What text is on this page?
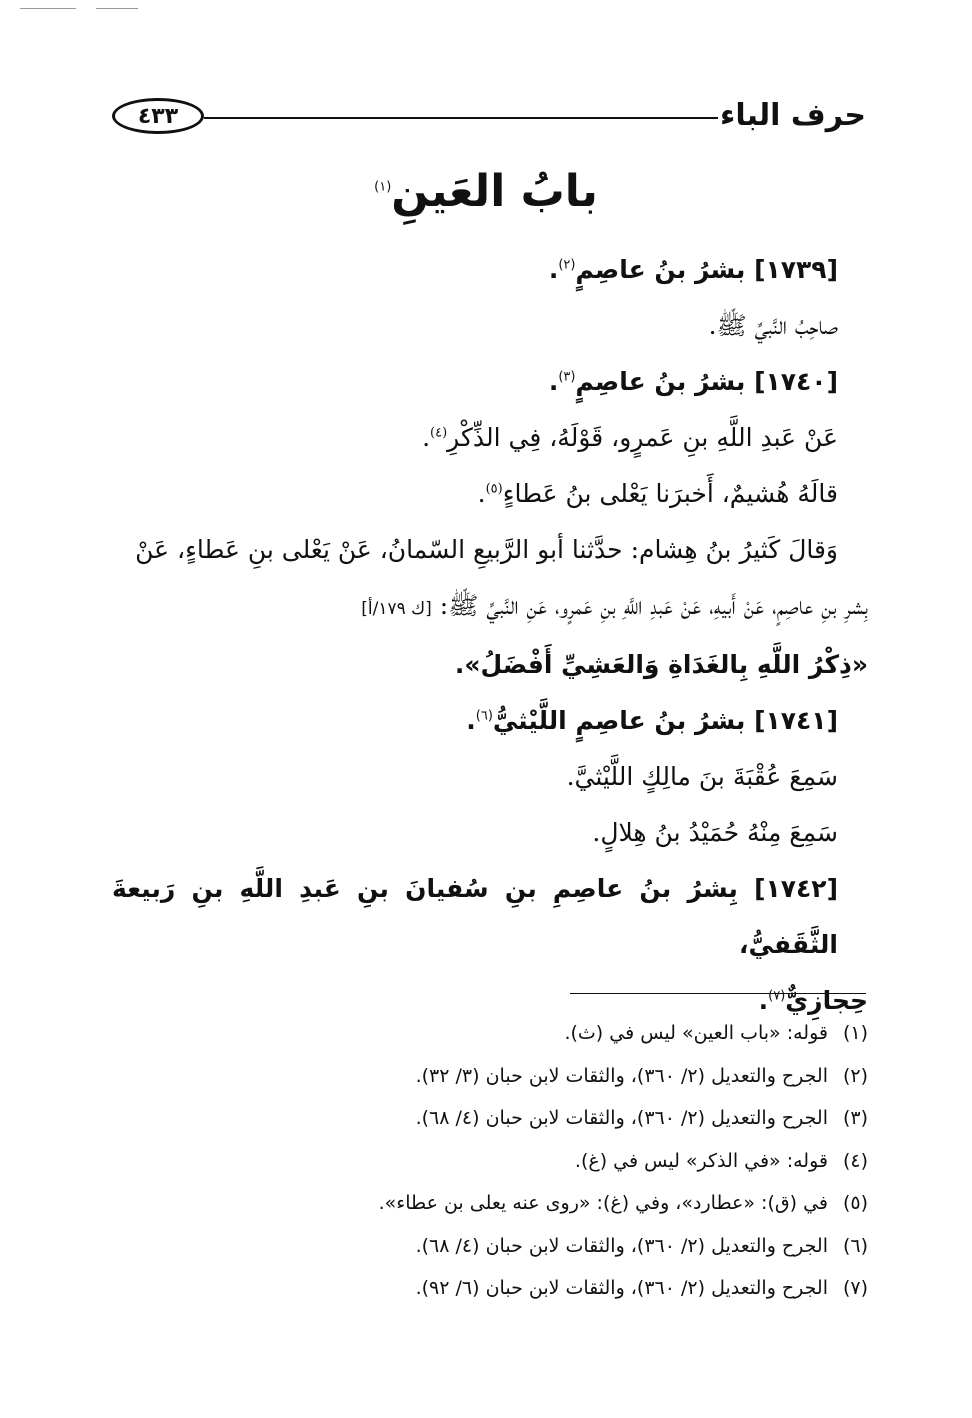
٤٣٣	حرف الباء
بابُ العَينِ$^{(١)}$

[١٧٣٩] بشرُ بنُ عاصِمٍ$^{(٢)}$.

صاحِبُ النَّبيِّ ﷺ.

[١٧٤٠] بشرُ بنُ عاصِمٍ$^{(٣)}$.

عَنْ عَبدِ اللَّهِ بنِ عَمرٍو، قَوْلَهُ، فِي الذِّكْرِ$^{(٤)}$.

قالَهُ هُشيمٌ، أَخبرَنا يَعْلى بنُ عَطاءٍ$^{(٥)}$.

وَقالَ كَثيرُ بنُ هِشام: حدَّثنا أبو الرَّبيعِ السّمانُ، عَنْ يَعْلى بنِ عَطاءٍ، عَنْ

بِشرِ بنِ عاصِمٍ، عَنْ أَبيهِ، عَنْ عَبدِ اللَّهِ بنِ عَمرٍو، عَنِ النَّبيِّ ﷺ: [ك ١٧٩/أ]

«ذِكْرُ اللَّهِ بِالغَدَاةِ وَالعَشِيِّ أَفْضَلُ».

[١٧٤١] بشرُ بنُ عاصِمٍ اللَّيْثيُّ$^{(٦)}$.

سَمِعَ عُقْبَةَ بنَ مالِكٍ اللَّيْثيَّ.

سَمِعَ مِنْهُ حُمَيْدُ بنُ هِلالٍ.

[١٧٤٢] بِشرُ بنُ عاصِمِ بنِ سُفيانَ بنِ عَبدِ اللَّهِ بنِ رَبيعةَ الثَّقَفيُّ،

حِجازِيٌّ$^{(٧)}$.

(١)قوله: «باب العين» ليس في (ث).
(٢)الجرح والتعديل (٢/ ٣٦٠)، والثقات لابن حبان (٣/ ٣٢).
(٣)الجرح والتعديل (٢/ ٣٦٠)، والثقات لابن حبان (٤/ ٦٨).
(٤)قوله: «في الذكر» ليس في (غ).
(٥)في (ق): «عطارد»، وفي (غ): «روى عنه يعلى بن عطاء».
(٦)الجرح والتعديل (٢/ ٣٦٠)، والثقات لابن حبان (٤/ ٦٨).
(٧)الجرح والتعديل (٢/ ٣٦٠)، والثقات لابن حبان (٦/ ٩٢).
